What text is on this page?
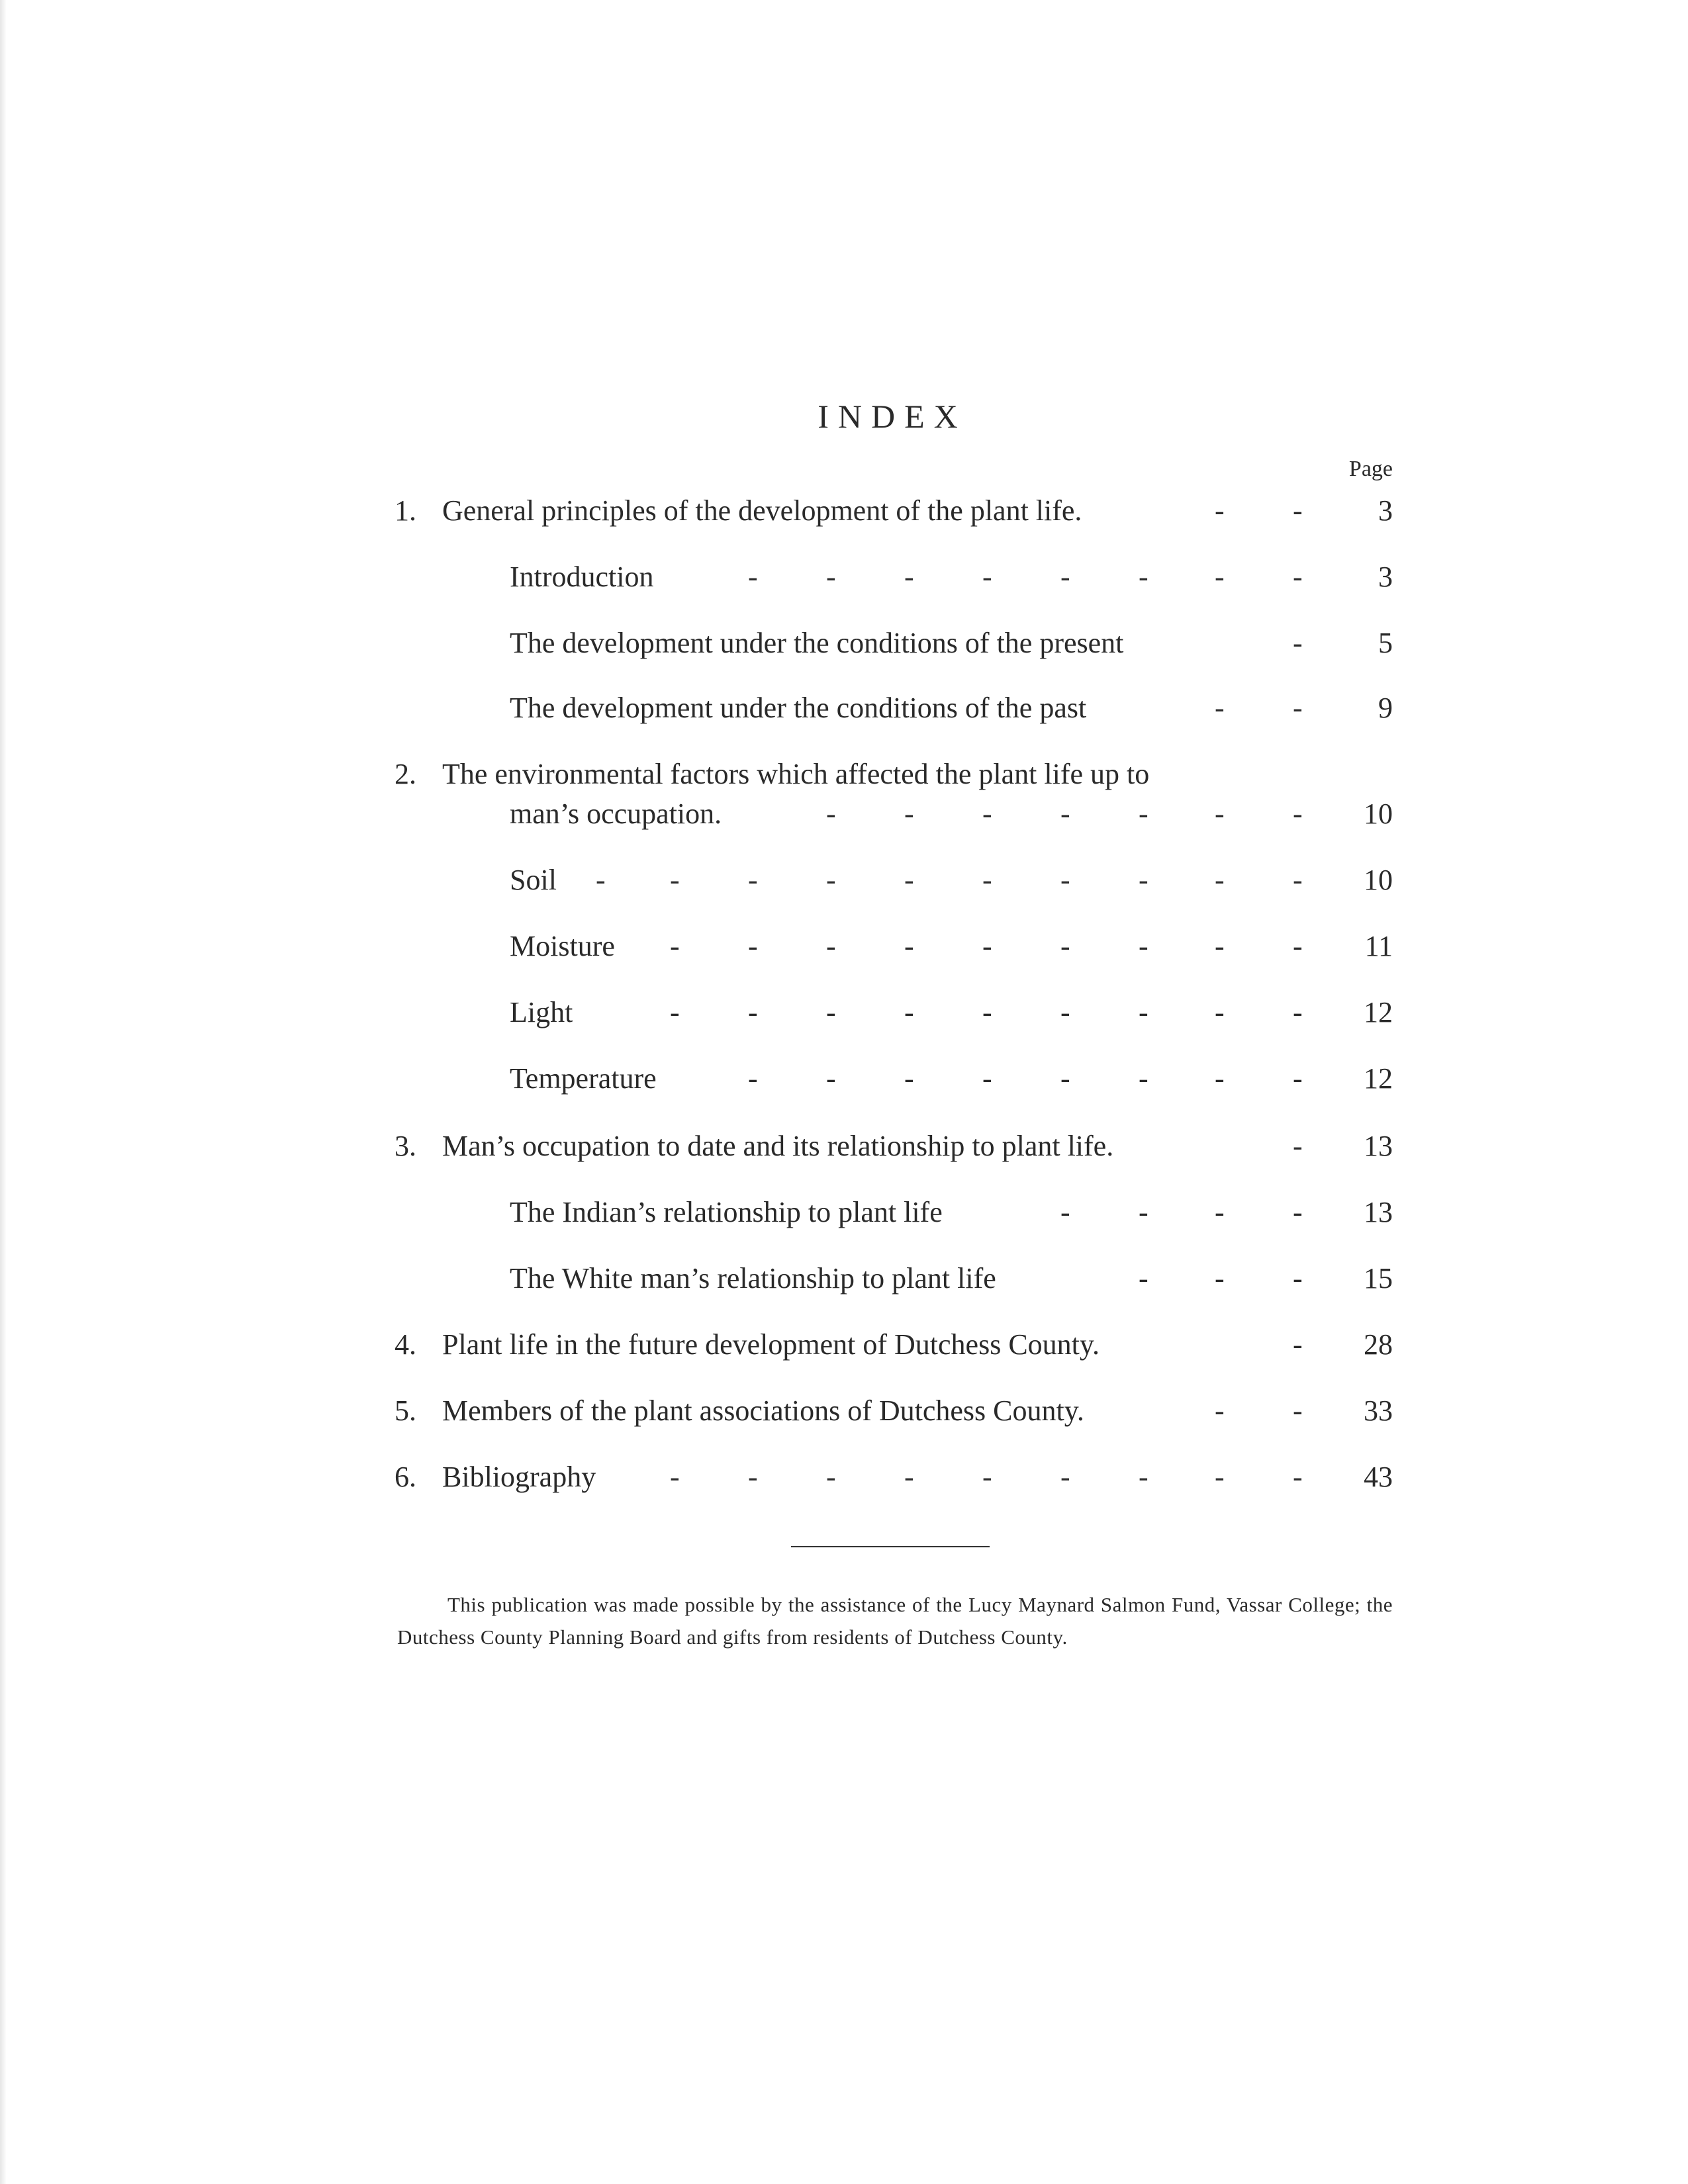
INDEX
Page
1. General principles of the development of the plant life.	- -	3
Introduction	- - - - - - - -	3
The development under the conditions of the present	-	5
The development under the conditions of the past	- -	9
2. The environmental factors which affected the plant life up to
man’s occupation.	- - - - - - -	10
Soil - - - - - - - - - -	10
Moisture - - - - - - - - -	11
Light	- - - - - - - - -	12
Temperature	- - - - - - - -	12
3. Man’s occupation to date and its relationship to plant life.	-	13
The Indian’s relationship to plant life	- - - -	13
The White man’s relationship to plant life	- - -	15
4. Plant life in the future development of Dutchess County.	-	28
5. Members of the plant associations of Dutchess County.	- -	33
6. Bibliography	- - - - - - - - -	43
This publication was made possible by the assistance of the Lucy Maynard Salmon Fund, Vassar College; the Dutchess County Planning Board and gifts from residents of Dutchess County.
